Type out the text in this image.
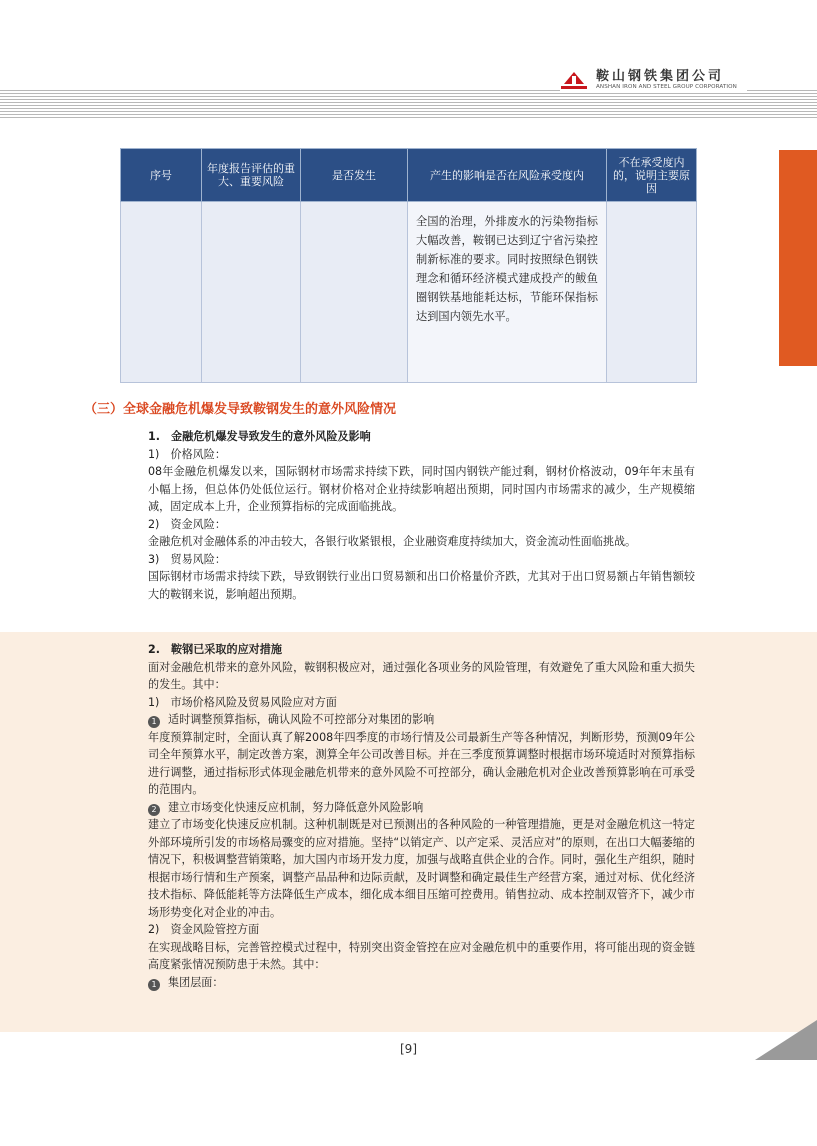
鞍山钢铁集团公司
ANSHAN IRON AND STEEL GROUP CORPORATION
序号	年度报告评估的重大、重要风险	是否发生	产生的影响是否在风险承受度内	不在承受度内的，说明主要原因
			全国的治理，外排废水的污染物指标大幅改善，鞍钢已达到辽宁省污染控制新标准的要求。同时按照绿色钢铁理念和循环经济模式建成投产的鲅鱼圈钢铁基地能耗达标，节能环保指标达到国内领先水平。	
（三）全球金融危机爆发导致鞍钢发生的意外风险情况

1.　金融危机爆发导致发生的意外风险及影响

1)　价格风险：

08年金融危机爆发以来，国际钢材市场需求持续下跌，同时国内钢铁产能过剩，钢材价格波动，09年年末虽有小幅上扬，但总体仍处低位运行。钢材价格对企业持续影响超出预期，同时国内市场需求的减少，生产规模缩减，固定成本上升，企业预算指标的完成面临挑战。

2)　资金风险：

金融危机对金融体系的冲击较大，各银行收紧银根，企业融资难度持续加大，资金流动性面临挑战。

3)　贸易风险：

国际钢材市场需求持续下跌，导致钢铁行业出口贸易额和出口价格量价齐跌，尤其对于出口贸易额占年销售额较大的鞍钢来说，影响超出预期。

2.　鞍钢已采取的应对措施

面对金融危机带来的意外风险，鞍钢积极应对，通过强化各项业务的风险管理，有效避免了重大风险和重大损失的发生。其中：

1)　市场价格风险及贸易风险应对方面

1 适时调整预算指标，确认风险不可控部分对集团的影响

年度预算制定时，全面认真了解2008年四季度的市场行情及公司最新生产等各种情况，判断形势，预测09年公司全年预算水平，制定改善方案，测算全年公司改善目标。并在三季度预算调整时根据市场环境适时对预算指标进行调整，通过指标形式体现金融危机带来的意外风险不可控部分，确认金融危机对企业改善预算影响在可承受的范围内。

2 建立市场变化快速反应机制，努力降低意外风险影响

建立了市场变化快速反应机制。这种机制既是对已预测出的各种风险的一种管理措施，更是对金融危机这一特定外部环境所引发的市场格局骤变的应对措施。坚持“以销定产、以产定采、灵活应对”的原则，在出口大幅萎缩的情况下，积极调整营销策略，加大国内市场开发力度，加强与战略直供企业的合作。同时，强化生产组织，随时根据市场行情和生产预案，调整产品品种和边际贡献，及时调整和确定最佳生产经营方案，通过对标、优化经济技术指标、降低能耗等方法降低生产成本，细化成本细目压缩可控费用。销售拉动、成本控制双管齐下，减少市场形势变化对企业的冲击。

2)　资金风险管控方面

在实现战略目标，完善管控模式过程中，特别突出资金管控在应对金融危机中的重要作用，将可能出现的资金链高度紧张情况预防患于未然。其中：

1 集团层面：

[9]
